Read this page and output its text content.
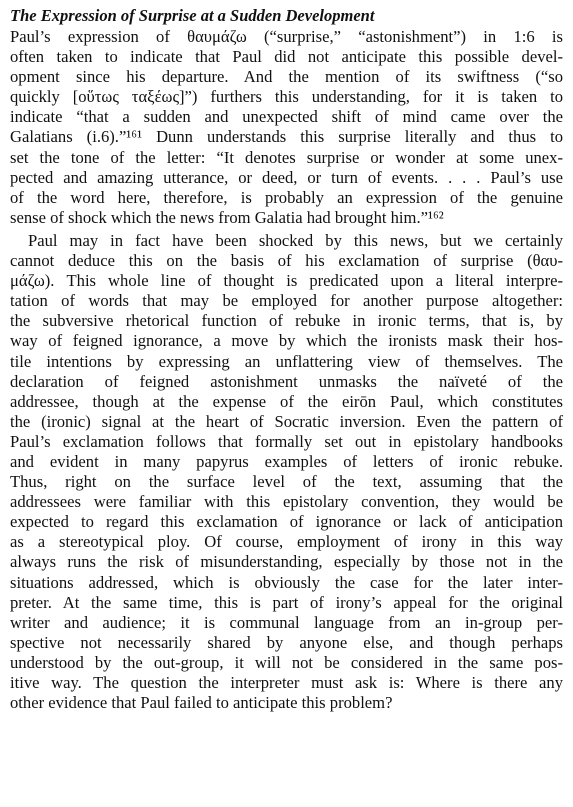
The Expression of Surprise at a Sudden Development
Paul’s expression of θαυμάζω (“surprise,” “astonishment”) in 1:6 is
often taken to indicate that Paul did not anticipate this possible devel-
opment since his departure. And the mention of its swiftness (“so
quickly [οὕτως ταξέως]”) furthers this understanding, for it is taken to
indicate “that a sudden and unexpected shift of mind came over the
Galatians (i.6).”¹⁶¹ Dunn understands this surprise literally and thus to
set the tone of the letter: “It denotes surprise or wonder at some unex-
pected and amazing utterance, or deed, or turn of events. . . . Paul’s use
of the word here, therefore, is probably an expression of the genuine
sense of shock which the news from Galatia had brought him.”¹⁶²
Paul may in fact have been shocked by this news, but we certainly
cannot deduce this on the basis of his exclamation of surprise (θαυ-
μάζω). This whole line of thought is predicated upon a literal interpre-
tation of words that may be employed for another purpose altogether:
the subversive rhetorical function of rebuke in ironic terms, that is, by
way of feigned ignorance, a move by which the ironists mask their hos-
tile intentions by expressing an unflattering view of themselves. The
declaration of feigned astonishment unmasks the naïveté of the
addressee, though at the expense of the eirōn Paul, which constitutes
the (ironic) signal at the heart of Socratic inversion. Even the pattern of
Paul’s exclamation follows that formally set out in epistolary handbooks
and evident in many papyrus examples of letters of ironic rebuke.
Thus, right on the surface level of the text, assuming that the
addressees were familiar with this epistolary convention, they would be
expected to regard this exclamation of ignorance or lack of anticipation
as a stereotypical ploy. Of course, employment of irony in this way
always runs the risk of misunderstanding, especially by those not in the
situations addressed, which is obviously the case for the later inter-
preter. At the same time, this is part of irony’s appeal for the original
writer and audience; it is communal language from an in-group per-
spective not necessarily shared by anyone else, and though perhaps
understood by the out-group, it will not be considered in the same pos-
itive way. The question the interpreter must ask is: Where is there any
other evidence that Paul failed to anticipate this problem?
